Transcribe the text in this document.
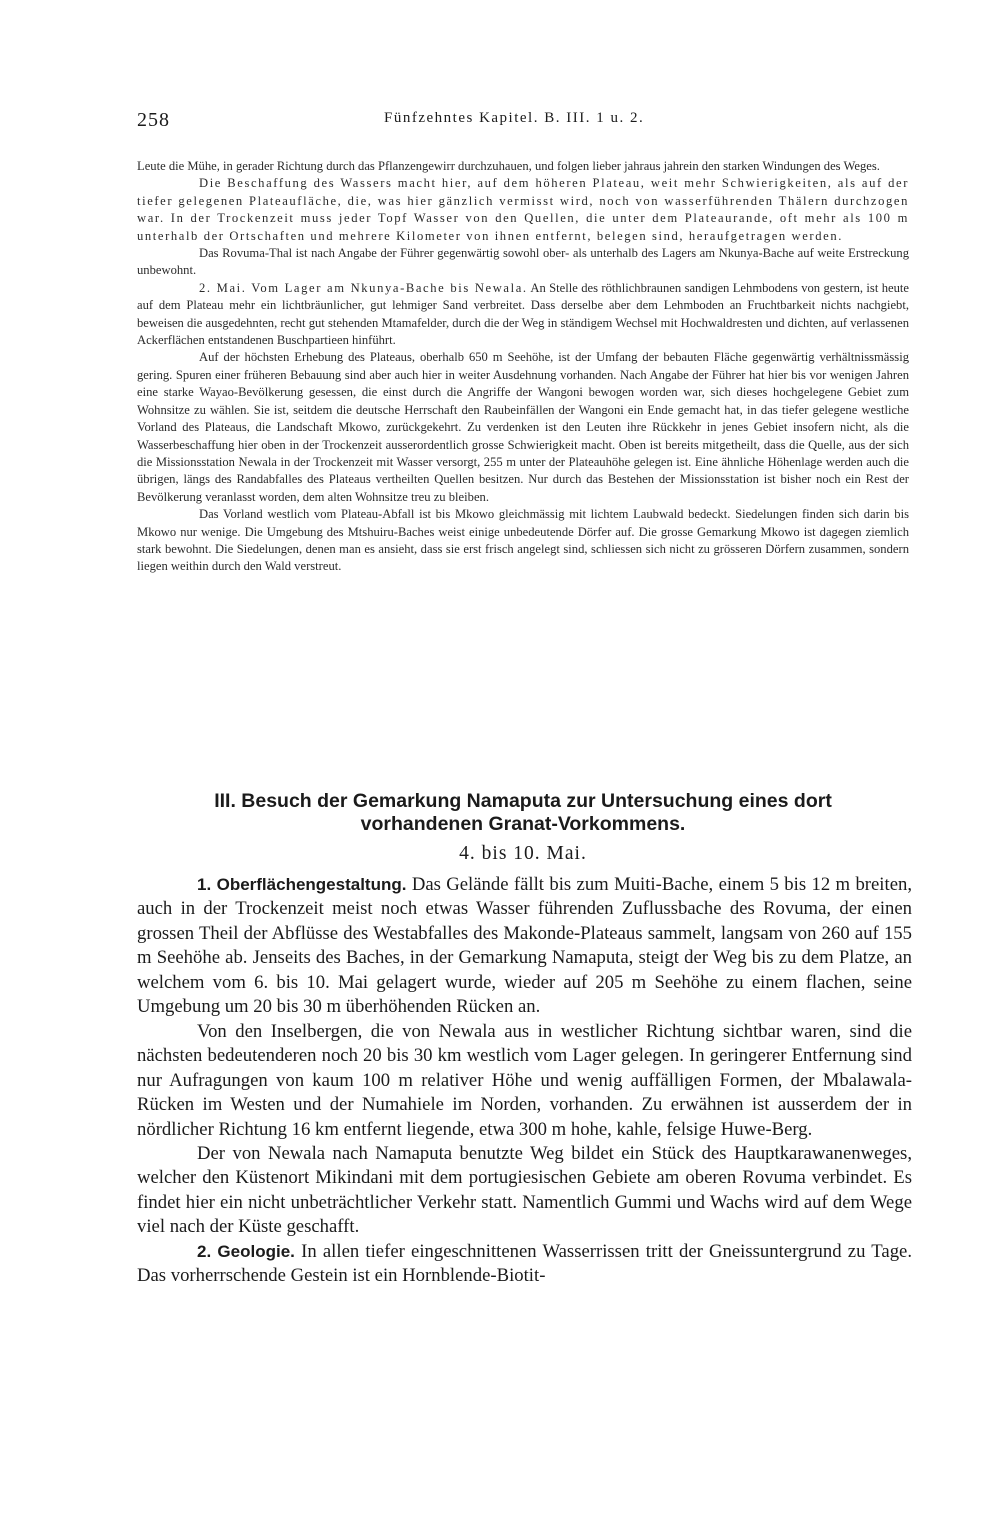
258	Fünfzehntes Kapitel. B. III. 1 u. 2.

Leute die Mühe, in gerader Richtung durch das Pflanzengewirr durchzuhauen, und folgen lieber jahraus jahrein den starken Windungen des Weges.

Die Beschaffung des Wassers macht hier, auf dem höheren Plateau, weit mehr Schwierigkeiten, als auf der tiefer gelegenen Plateaufläche, die, was hier gänzlich vermisst wird, noch von wasserführenden Thälern durchzogen war. In der Trockenzeit muss jeder Topf Wasser von den Quellen, die unter dem Plateaurande, oft mehr als 100 m unterhalb der Ortschaften und mehrere Kilometer von ihnen entfernt, belegen sind, heraufgetragen werden.

Das Rovuma-Thal ist nach Angabe der Führer gegenwärtig sowohl ober- als unterhalb des Lagers am Nkunya-Bache auf weite Erstreckung unbewohnt.

2. Mai. Vom Lager am Nkunya-Bache bis Newala. An Stelle des röthlichbraunen sandigen Lehmbodens von gestern, ist heute auf dem Plateau mehr ein lichtbräunlicher, gut lehmiger Sand verbreitet. Dass derselbe aber dem Lehmboden an Fruchtbarkeit nichts nachgiebt, beweisen die ausgedehnten, recht gut stehenden Mtamafelder, durch die der Weg in ständigem Wechsel mit Hochwaldresten und dichten, auf verlassenen Ackerflächen entstandenen Buschpartieen hinführt.

Auf der höchsten Erhebung des Plateaus, oberhalb 650 m Seehöhe, ist der Umfang der bebauten Fläche gegenwärtig verhältnissmässig gering. Spuren einer früheren Bebauung sind aber auch hier in weiter Ausdehnung vorhanden. Nach Angabe der Führer hat hier bis vor wenigen Jahren eine starke Wayao-Bevölkerung gesessen, die einst durch die Angriffe der Wangoni bewogen worden war, sich dieses hochgelegene Gebiet zum Wohnsitze zu wählen. Sie ist, seitdem die deutsche Herrschaft den Raubeinfällen der Wangoni ein Ende gemacht hat, in das tiefer gelegene westliche Vorland des Plateaus, die Landschaft Mkowo, zurückgekehrt. Zu verdenken ist den Leuten ihre Rückkehr in jenes Gebiet insofern nicht, als die Wasserbeschaffung hier oben in der Trockenzeit ausserordentlich grosse Schwierigkeit macht. Oben ist bereits mitgetheilt, dass die Quelle, aus der sich die Missionsstation Newala in der Trockenzeit mit Wasser versorgt, 255 m unter der Plateauhöhe gelegen ist. Eine ähnliche Höhenlage werden auch die übrigen, längs des Randabfalles des Plateaus vertheilten Quellen besitzen. Nur durch das Bestehen der Missionsstation ist bisher noch ein Rest der Bevölkerung veranlasst worden, dem alten Wohnsitze treu zu bleiben.

Das Vorland westlich vom Plateau-Abfall ist bis Mkowo gleichmässig mit lichtem Laubwald bedeckt. Siedelungen finden sich darin bis Mkowo nur wenige. Die Umgebung des Mtshuiru-Baches weist einige unbedeutende Dörfer auf. Die grosse Gemarkung Mkowo ist dagegen ziemlich stark bewohnt. Die Siedelungen, denen man es ansieht, dass sie erst frisch angelegt sind, schliessen sich nicht zu grösseren Dörfern zusammen, sondern liegen weithin durch den Wald verstreut.

III. Besuch der Gemarkung Namaputa zur Untersuchung eines dort
vorhandenen Granat-Vorkommens.
4. bis 10. Mai.

1. Oberflächengestaltung. Das Gelände fällt bis zum Muiti-Bache, einem 5 bis 12 m breiten, auch in der Trockenzeit meist noch etwas Wasser führenden Zuflussbache des Rovuma, der einen grossen Theil der Abflüsse des Westabfalles des Makonde-Plateaus sammelt, langsam von 260 auf 155 m Seehöhe ab. Jenseits des Baches, in der Gemarkung Namaputa, steigt der Weg bis zu dem Platze, an welchem vom 6. bis 10. Mai gelagert wurde, wieder auf 205 m Seehöhe zu einem flachen, seine Umgebung um 20 bis 30 m überhöhenden Rücken an.

Von den Inselbergen, die von Newala aus in westlicher Richtung sichtbar waren, sind die nächsten bedeutenderen noch 20 bis 30 km westlich vom Lager gelegen. In geringerer Entfernung sind nur Aufragungen von kaum 100 m relativer Höhe und wenig auffälligen Formen, der Mbalawala-Rücken im Westen und der Numahiele im Norden, vorhanden. Zu erwähnen ist ausserdem der in nördlicher Richtung 16 km entfernt liegende, etwa 300 m hohe, kahle, felsige Huwe-Berg.

Der von Newala nach Namaputa benutzte Weg bildet ein Stück des Hauptkarawanenweges, welcher den Küstenort Mikindani mit dem portugiesischen Gebiete am oberen Rovuma verbindet. Es findet hier ein nicht unbeträchtlicher Verkehr statt. Namentlich Gummi und Wachs wird auf dem Wege viel nach der Küste geschafft.

2. Geologie. In allen tiefer eingeschnittenen Wasserrissen tritt der Gneissuntergrund zu Tage. Das vorherrschende Gestein ist ein Hornblende-Biotit-
